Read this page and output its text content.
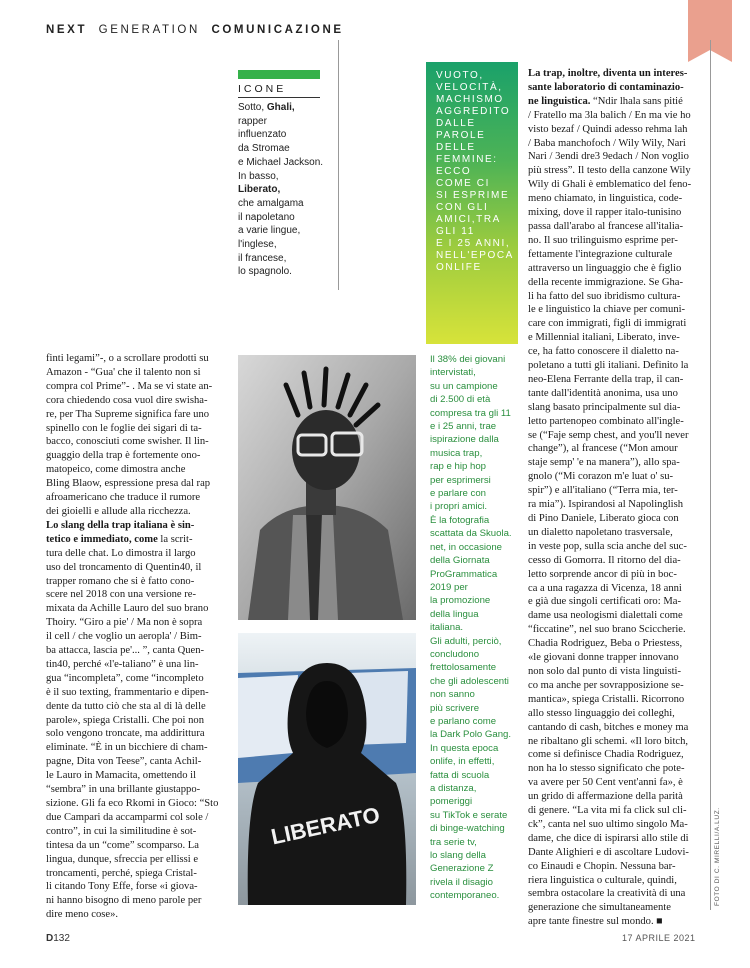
NEXT GENERATION COMUNICAZIONE
ICONE
Sotto, Ghali,
rapper
influenzato
da Stromae
e Michael Jackson.
In basso,
Liberato,
che amalgama
il napoletano
a varie lingue,
l'inglese,
il francese,
lo spagnolo.
VUOTO,
VELOCITÀ,
MACHISMO
AGGREDITO
DALLE
PAROLE
DELLE
FEMMINE:
ECCO
COME CI
SI ESPRIME
CON GLI
AMICI,TRA
GLI 11
E I 25 ANNI,
NELL'EPOCA
ONLIFE
Il 38% dei giovani
intervistati,
su un campione
di 2.500 di età
compresa tra gli 11
e i 25 anni, trae
ispirazione dalla
musica trap,
rap e hip hop
per esprimersi
e parlare con
i propri amici.
È la fotografia
scattata da Skuola.
net, in occasione
della Giornata
ProGrammatica
2019 per
la promozione
della lingua
italiana.
Gli adulti, perciò,
concludono
frettolosamente
che gli adolescenti
non sanno
più scrivere
e parlano come
la Dark Polo Gang.
In questa epoca
onlife, in effetti,
fatta di scuola
a distanza,
pomeriggi
su TikTok e serate
di binge-watching
tra serie tv,
lo slang della
Generazione Z
rivela il disagio
contemporaneo.
finti legami”-, o a scrollare prodotti su
Amazon - “Gua' che il talento non si
compra col Prime”- . Ma se vi state an-
cora chiedendo cosa vuol dire swisha-
re, per Tha Supreme significa fare uno
spinello con le foglie dei sigari di ta-
bacco, conosciuti come swisher. Il lin-
guaggio della trap è fortemente ono-
matopeico, come dimostra anche
Bling Blaow, espressione presa dal rap
afroamericano che traduce il rumore
dei gioielli e allude alla ricchezza.
Lo slang della trap italiana è sin-
tetico e immediato, come la scrit-
tura delle chat. Lo dimostra il largo
uso del troncamento di Quentin40, il
trapper romano che si è fatto cono-
scere nel 2018 con una versione re-
mixata da Achille Lauro del suo brano
Thoiry. “Giro a pie' / Ma non è sopra
il cell / che voglio un aeropla' / Bim-
ba attacca, lascia pe'... ”, canta Quen-
tin40, perché «l'e-taliano” è una lin-
gua “incompleta”, come “incompleto
è il suo texting, frammentario e dipen-
dente da tutto ciò che sta al di là delle
parole», spiega Cristalli. Che poi non
solo vengono troncate, ma addirittura
eliminate. “È in un bicchiere di cham-
pagne, Dita von Teese”, canta Achil-
le Lauro in Mamacita, omettendo il
“sembra” in una brillante giustappo-
sizione. Gli fa eco Rkomi in Gioco: “Sto
due Campari da accamparmi col sole /
contro”, in cui la similitudine è sot-
tintesa da un “come” scomparso. La
lingua, dunque, sfreccia per ellissi e
troncamenti, perché, spiega Cristal-
li citando Tony Effe, forse «i giova-
ni hanno bisogno di meno parole per
dire meno cose».
La trap, inoltre, diventa un interes-
sante laboratorio di contaminazio-
ne linguistica. “Ndir lhala sans pitié
/ Fratello ma 3la balich / En ma vie ho
visto bezaf / Quindi adesso rehma lah
/ Baba manchofoch / Wily Wily, Nari
Nari / 3endi dre3 9edach / Non voglio
più stress”. Il testo della canzone Wily
Wily di Ghali è emblematico del feno-
meno chiamato, in linguistica, code-
mixing, dove il rapper italo-tunisino
passa dall'arabo al francese all'italia-
no. Il suo trilinguismo esprime per-
fettamente l'integrazione culturale
attraverso un linguaggio che è figlio
della recente immigrazione. Se Gha-
li ha fatto del suo ibridismo cultura-
le e linguistico la chiave per comuni-
care con immigrati, figli di immigrati
e Millennial italiani, Liberato, inve-
ce, ha fatto conoscere il dialetto na-
poletano a tutti gli italiani. Definito la
neo-Elena Ferrante della trap, il can-
tante dall'identità anonima, usa uno
slang basato principalmente sul dia-
letto partenopeo combinato all'ingle-
se (“Faje semp chest, and you'll never
change”), al francese (“Mon amour
staje semp' 'e na manera”), allo spa-
gnolo (“Mi corazon m'e luat o' su-
spir”) e all'italiano (“Terra mia, ter-
ra mia”). Ispirandosi al Napolinglish
di Pino Daniele, Liberato gioca con
un dialetto napoletano trasversale,
in veste pop, sulla scia anche del suc-
cesso di Gomorra. Il ritorno del dia-
letto sorprende ancor di più in boc-
ca a una ragazza di Vicenza, 18 anni
e già due singoli certificati oro: Ma-
dame usa neologismi dialettali come
“ficcatine”, nel suo brano Sciccherie.
Chadia Rodriguez, Beba o Priestess,
«le giovani donne trapper innovano
non solo dal punto di vista linguisti-
co ma anche per sovrapposizione se-
mantica», spiega Cristalli. Ricorrono
allo stesso linguaggio dei colleghi,
cantando di cash, bitches e money ma
ne ribaltano gli schemi. «Il loro bitch,
come si definisce Chadia Rodriguez,
non ha lo stesso significato che pote-
va avere per 50 Cent vent'anni fa», è
un grido di affermazione della parità
di genere. “La vita mi fa click sul cli-
ck”, canta nel suo ultimo singolo Ma-
dame, che dice di ispirarsi allo stile di
Dante Alighieri e di ascoltare Ludovi-
co Einaudi e Chopin. Nessuna bar-
riera linguistica o culturale, quindi,
sembra ostacolare la creatività di una
generazione che simultaneamente
apre tante finestre sul mondo. ■
LIBERATO
D132	17 APRILE 2021
FOTO DI C. MIRELLI/A.LUZ.
